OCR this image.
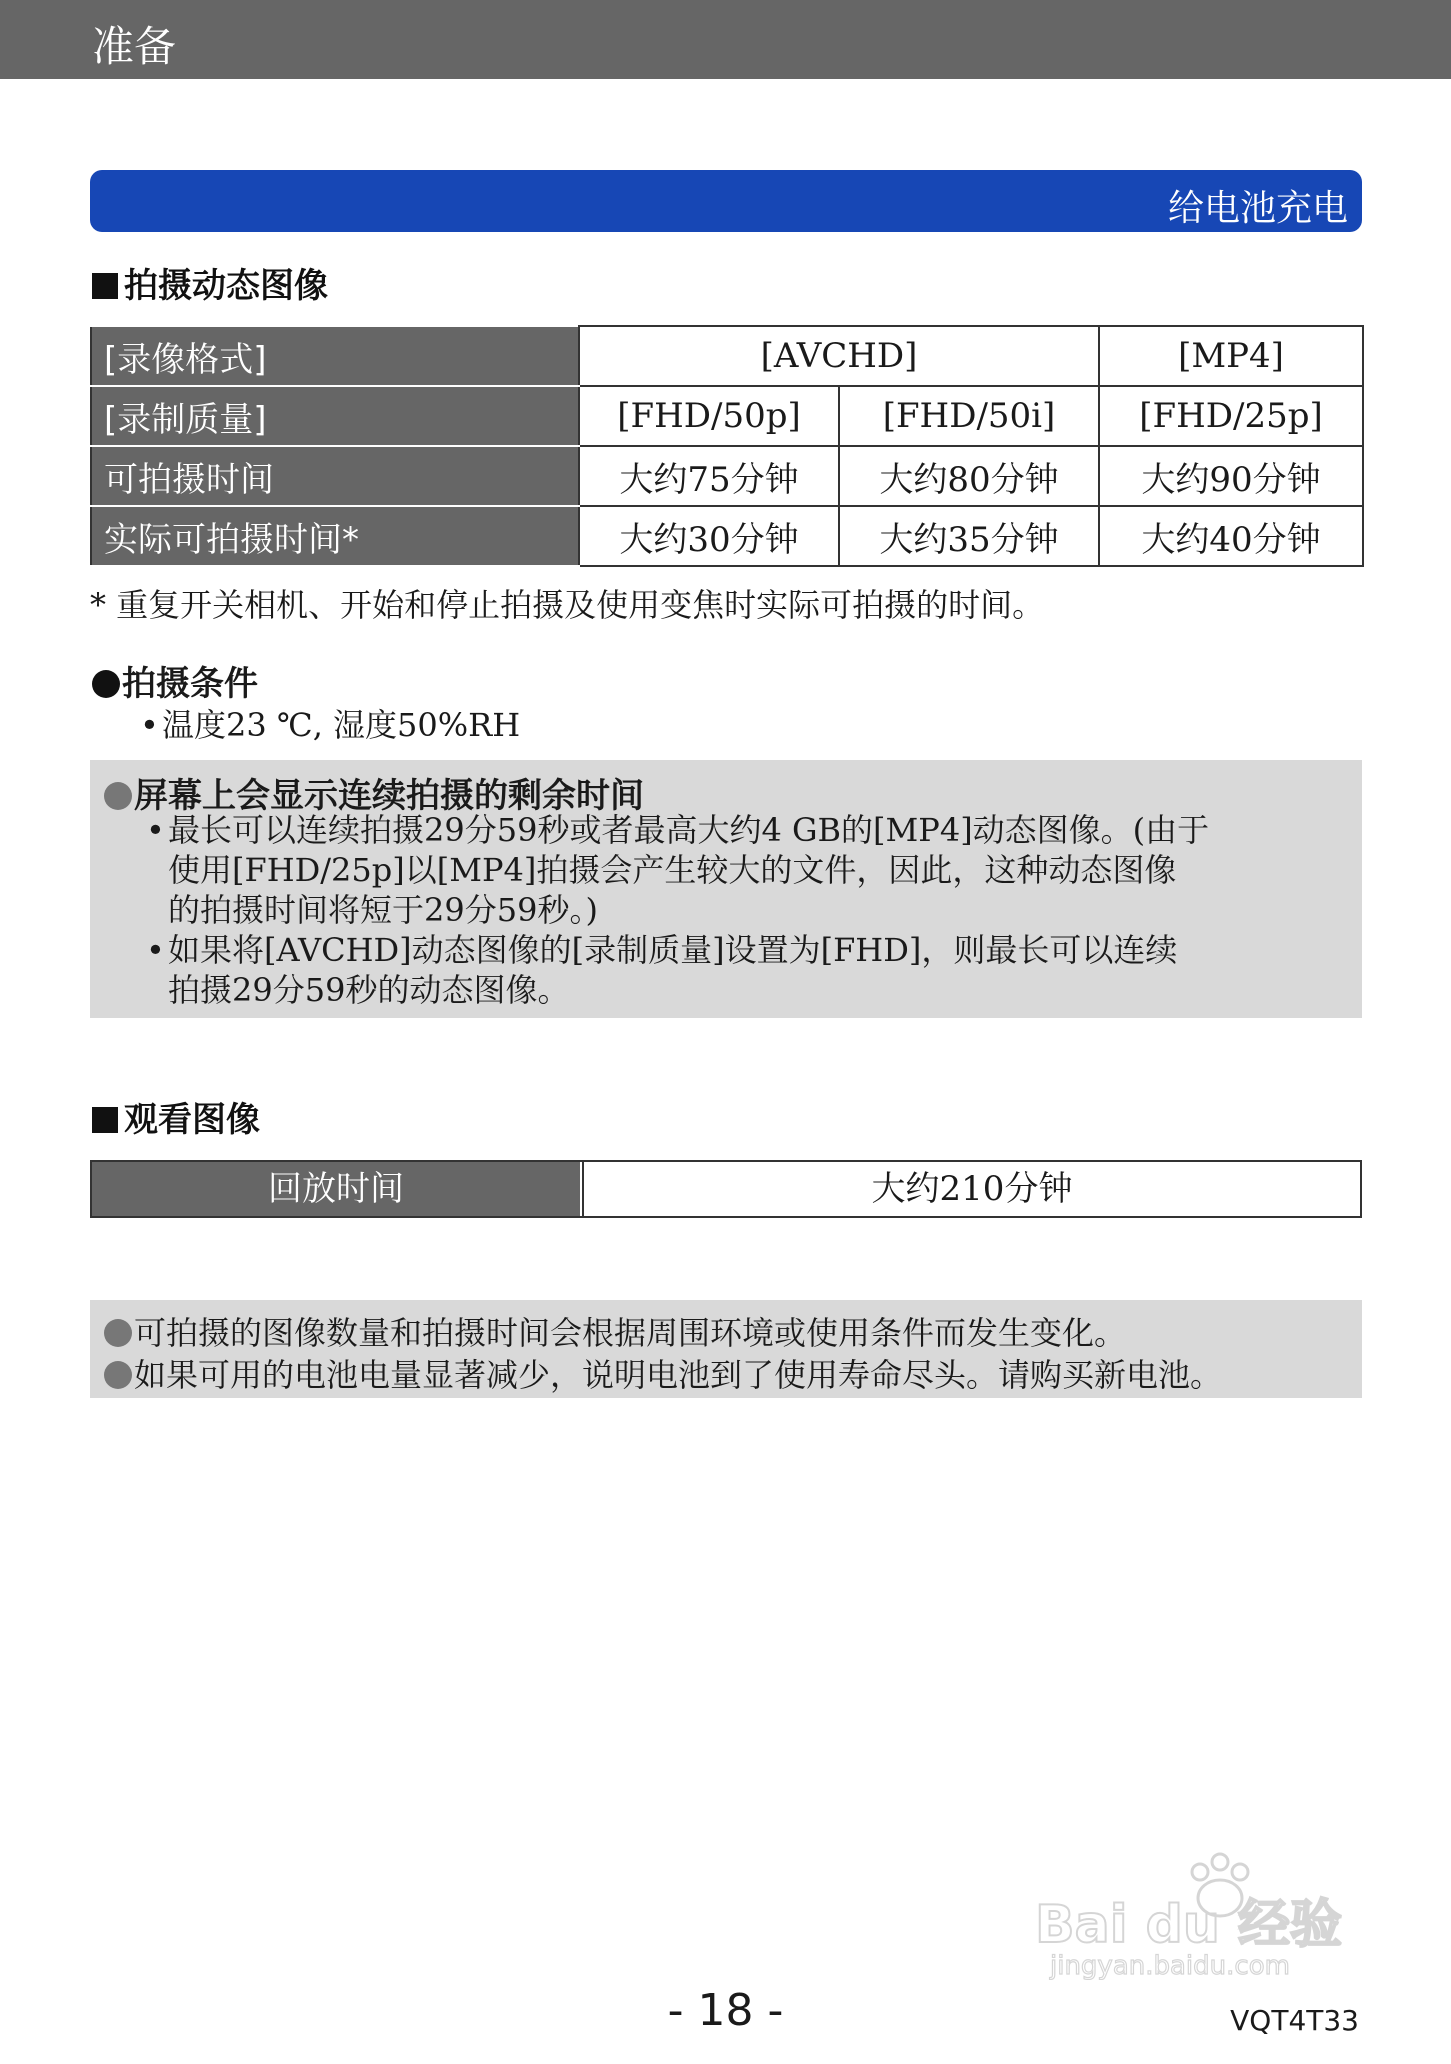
准备
给电池充电
拍摄动态图像
[录像格式]	[AVCHD]		[MP4]
[录制质量]	[FHD/50p]	[FHD/50i]	[FHD/25p]
可拍摄时间	大约75分钟	大约80分钟	大约90分钟
实际可拍摄时间*	大约30分钟	大约35分钟	大约40分钟
* 重复开关相机、开始和停止拍摄及使用变焦时实际可拍摄的时间。
拍摄条件
•温度23 ℃, 湿度50%RH
屏幕上会显示连续拍摄的剩余时间
•最长可以连续拍摄29分59秒或者最高大约4 GB的[MP4]动态图像。(由于
使用[FHD/25p]以[MP4]拍摄会产生较大的文件，因此，这种动态图像
的拍摄时间将短于29分59秒。)
•如果将[AVCHD]动态图像的[录制质量]设置为[FHD]，则最长可以连续
拍摄29分59秒的动态图像。
观看图像
回放时间	大约210分钟
可拍摄的图像数量和拍摄时间会根据周围环境或使用条件而发生变化。
如果可用的电池电量显著减少，说明电池到了使用寿命尽头。请购买新电池。
Bai du 经验
jingyan.baidu.com
- 18 -	VQT4T33
